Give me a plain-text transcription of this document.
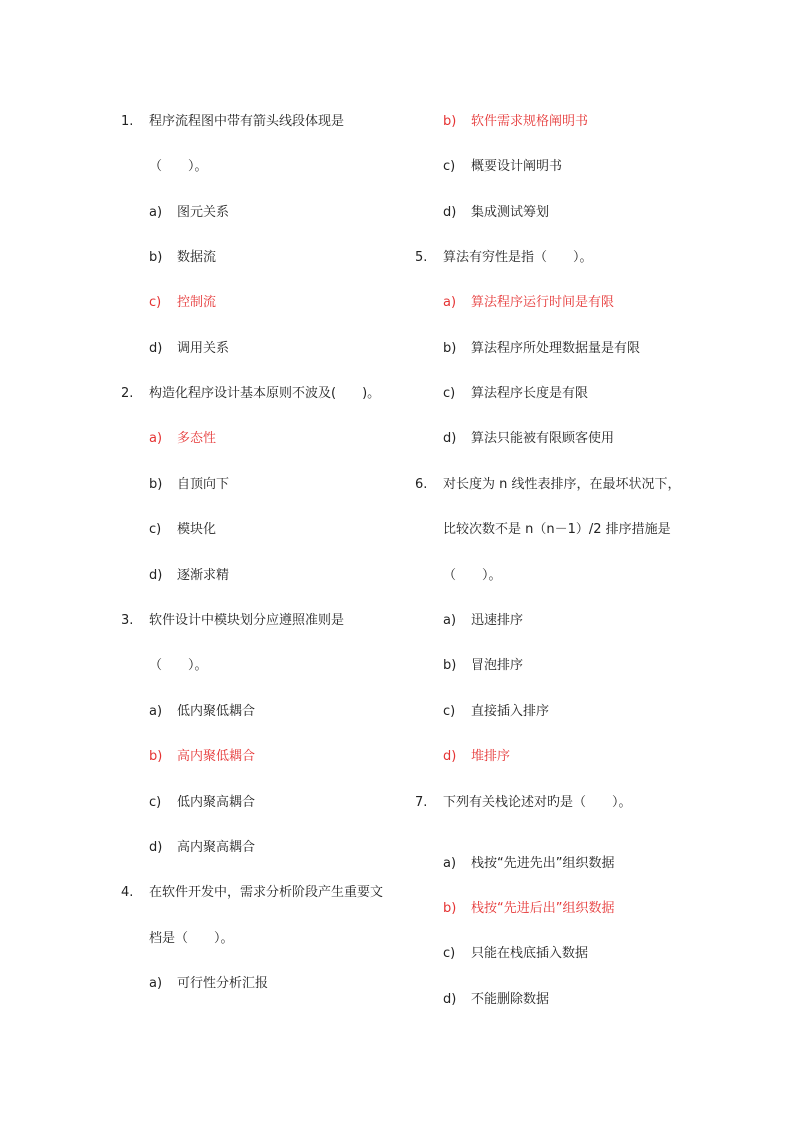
1. 程序流程图中带有箭头线段体现是
（　　）。
a) 图元关系
b) 数据流
c) 控制流
d) 调用关系
2. 构造化程序设计基本原则不波及(　　)。
a) 多态性
b) 自顶向下
c) 模块化
d) 逐渐求精
3. 软件设计中模块划分应遵照准则是
（　　）。
a) 低内聚低耦合
b) 高内聚低耦合
c) 低内聚高耦合
d) 高内聚高耦合
4. 在软件开发中，需求分析阶段产生重要文
档是（　　）。
a) 可行性分析汇报
b) 软件需求规格阐明书
c) 概要设计阐明书
d) 集成测试筹划
5. 算法有穷性是指（　　）。
a) 算法程序运行时间是有限
b) 算法程序所处理数据量是有限
c) 算法程序长度是有限
d) 算法只能被有限顾客使用
6. 对长度为 n 线性表排序，在最坏状况下，
比较次数不是 n（n－1）/2 排序措施是
（　　）。
a) 迅速排序
b) 冒泡排序
c) 直接插入排序
d) 堆排序
7. 下列有关栈论述对旳是（　　）。
a) 栈按“先进先出”组织数据
b) 栈按“先进后出”组织数据
c) 只能在栈底插入数据
d) 不能删除数据
